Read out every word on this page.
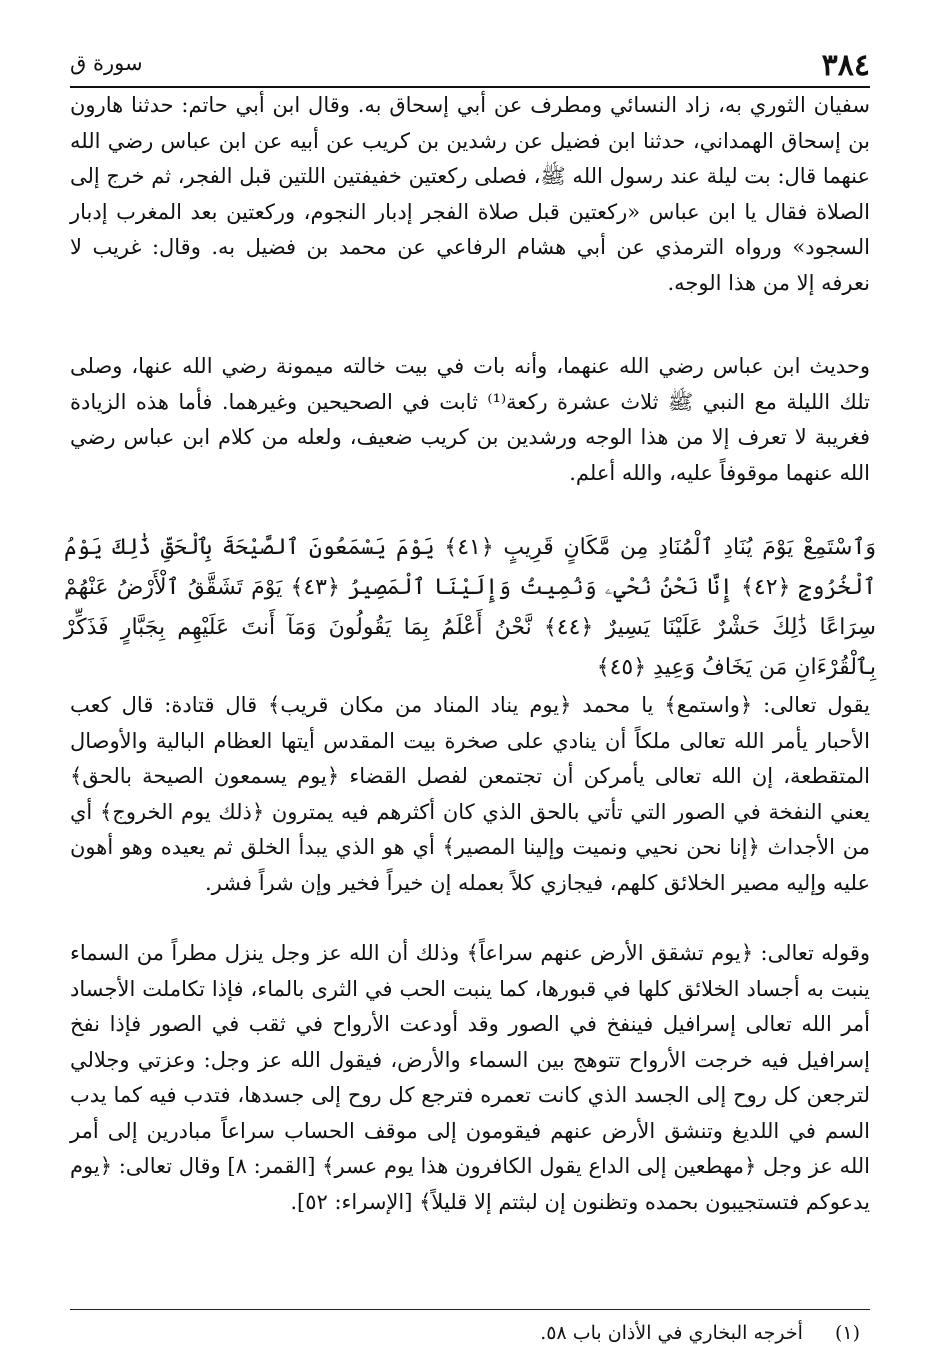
٣٨٤
سورة ق

سفيان الثوري به، زاد النسائي ومطرف عن أبي إسحاق به. وقال ابن أبي حاتم: حدثنا هارون بن إسحاق الهمداني، حدثنا ابن فضيل عن رشدين بن كريب عن أبيه عن ابن عباس رضي الله عنهما قال: بت ليلة عند رسول الله ﷺ، فصلى ركعتين خفيفتين اللتين قبل الفجر، ثم خرج إلى الصلاة فقال يا ابن عباس «ركعتين قبل صلاة الفجر إدبار النجوم، وركعتين بعد المغرب إدبار السجود» ورواه الترمذي عن أبي هشام الرفاعي عن محمد بن فضيل به. وقال: غريب لا نعرفه إلا من هذا الوجه.

وحديث ابن عباس رضي الله عنهما، وأنه بات في بيت خالته ميمونة رضي الله عنها، وصلى تلك الليلة مع النبي ﷺ ثلاث عشرة ركعة⁽¹⁾ ثابت في الصحيحين وغيرهما. فأما هذه الزيادة فغريبة لا تعرف إلا من هذا الوجه ورشدين بن كريب ضعيف، ولعله من كلام ابن عباس رضي الله عنهما موقوفاً عليه، والله أعلم.

وَٱسْتَمِعْ يَوْمَ يُنَادِ ٱلْمُنَادِ مِن مَّكَانٍ قَرِيبٍ ﴿٤١﴾ يَوْمَ يَسْمَعُونَ ٱلصَّيْحَةَ بِٱلْحَقِّ ذَٰلِكَ يَوْمُ ٱلْخُرُوجِ ﴿٤٢﴾ إِنَّا نَحْنُ نُحْيِۦ وَنُمِيتُ وَإِلَيْنَا ٱلْمَصِيرُ ﴿٤٣﴾ يَوْمَ تَشَقَّقُ ٱلْأَرْضُ عَنْهُمْ سِرَاعًا ذَٰلِكَ حَشْرٌ عَلَيْنَا يَسِيرٌ ﴿٤٤﴾ نَّحْنُ أَعْلَمُ بِمَا يَقُولُونَ وَمَآ أَنتَ عَلَيْهِم بِجَبَّارٍ فَذَكِّرْ بِٱلْقُرْءَانِ مَن يَخَافُ وَعِيدِ ﴿٤٥﴾

يقول تعالى: ﴿واستمع﴾ يا محمد ﴿يوم يناد المناد من مكان قريب﴾ قال قتادة: قال كعب الأحبار يأمر الله تعالى ملكاً أن ينادي على صخرة بيت المقدس أيتها العظام البالية والأوصال المتقطعة، إن الله تعالى يأمركن أن تجتمعن لفصل القضاء ﴿يوم يسمعون الصيحة بالحق﴾ يعني النفخة في الصور التي تأتي بالحق الذي كان أكثرهم فيه يمترون ﴿ذلك يوم الخروج﴾ أي من الأجداث ﴿إنا نحن نحيي ونميت وإلينا المصير﴾ أي هو الذي يبدأ الخلق ثم يعيده وهو أهون عليه وإليه مصير الخلائق كلهم، فيجازي كلاً بعمله إن خيراً فخير وإن شراً فشر.

وقوله تعالى: ﴿يوم تشقق الأرض عنهم سراعاً﴾ وذلك أن الله عز وجل ينزل مطراً من السماء ينبت به أجساد الخلائق كلها في قبورها، كما ينبت الحب في الثرى بالماء، فإذا تكاملت الأجساد أمر الله تعالى إسرافيل فينفخ في الصور وقد أودعت الأرواح في ثقب في الصور فإذا نفخ إسرافيل فيه خرجت الأرواح تتوهج بين السماء والأرض، فيقول الله عز وجل: وعزتي وجلالي لترجعن كل روح إلى الجسد الذي كانت تعمره فترجع كل روح إلى جسدها، فتدب فيه كما يدب السم في اللديغ وتنشق الأرض عنهم فيقومون إلى موقف الحساب سراعاً مبادرين إلى أمر الله عز وجل ﴿مهطعين إلى الداع يقول الكافرون هذا يوم عسر﴾ [القمر: ٨] وقال تعالى: ﴿يوم يدعوكم فتستجيبون بحمده وتظنون إن لبثتم إلا قليلاً﴾ [الإسراء: ٥٢].

(١) أخرجه البخاري في الأذان باب ٥٨.
